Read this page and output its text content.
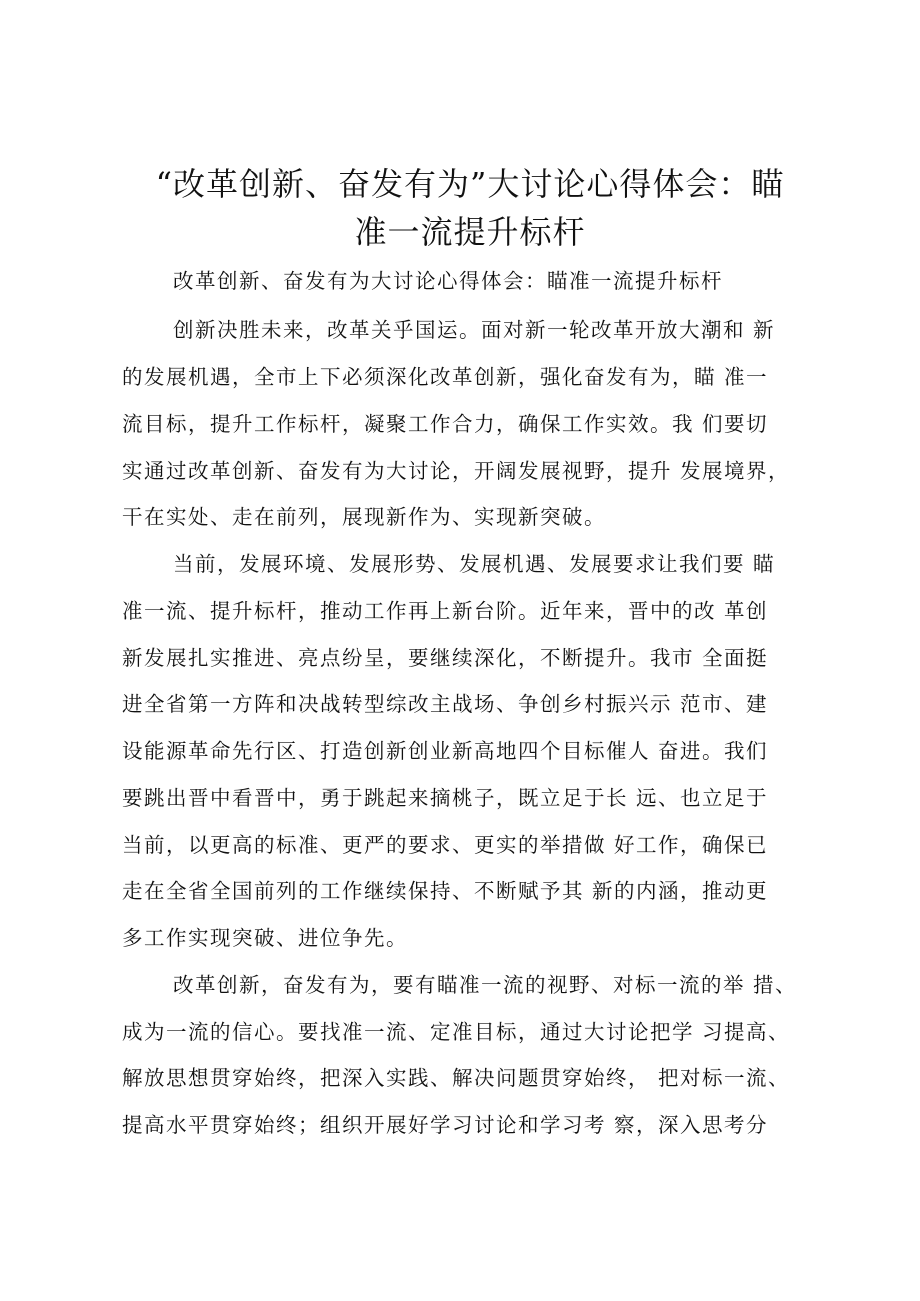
“改革创新、奋发有为”大讨论心得体会：瞄
准一流提升标杆
改革创新、奋发有为大讨论心得体会：瞄准一流提升标杆
创新决胜未来，改革关乎国运。面对新一轮改革开放大潮和 新
的发展机遇，全市上下必须深化改革创新，强化奋发有为，瞄 准一
流目标，提升工作标杆，凝聚工作合力，确保工作实效。我 们要切
实通过改革创新、奋发有为大讨论，开阔发展视野，提升 发展境界，
干在实处、走在前列，展现新作为、实现新突破。
当前，发展环境、发展形势、发展机遇、发展要求让我们要 瞄
准一流、提升标杆，推动工作再上新台阶。近年来，晋中的改 革创
新发展扎实推进、亮点纷呈，要继续深化，不断提升。我市 全面挺
进全省第一方阵和决战转型综改主战场、争创乡村振兴示 范市、建
设能源革命先行区、打造创新创业新高地四个目标催人 奋进。我们
要跳出晋中看晋中，勇于跳起来摘桃子，既立足于长 远、也立足于
当前，以更高的标准、更严的要求、更实的举措做 好工作，确保已
走在全省全国前列的工作继续保持、不断赋予其 新的内涵，推动更
多工作实现突破、进位争先。
改革创新，奋发有为，要有瞄准一流的视野、对标一流的举 措、
成为一流的信心。要找准一流、定准目标，通过大讨论把学 习提高、
解放思想贯穿始终，把深入实践、解决问题贯穿始终， 把对标一流、
提高水平贯穿始终；组织开展好学习讨论和学习考 察，深入思考分
